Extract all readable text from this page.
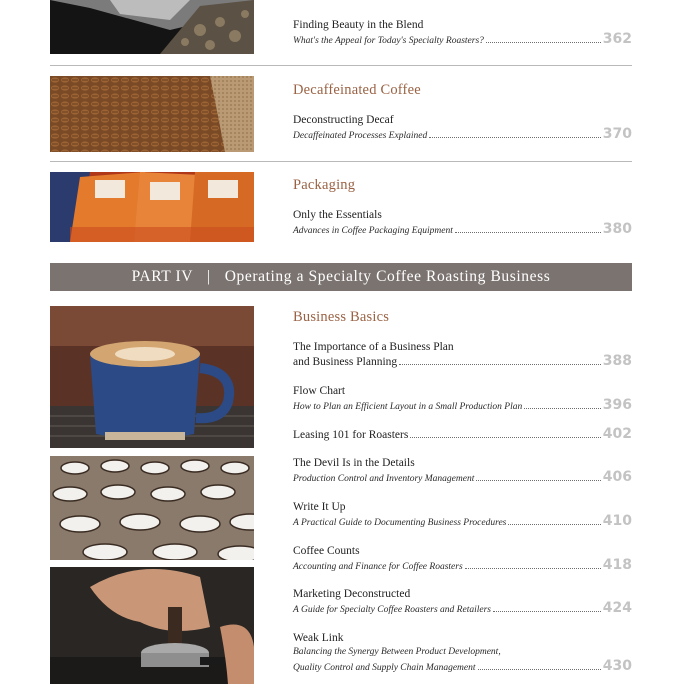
Finding Beauty in the Blend
What's the Appeal for Today's Specialty Roasters?	362
Decaffeinated Coffee
Deconstructing Decaf
Decaffeinated Processes Explained	370
Packaging
Only the Essentials
Advances in Coffee Packaging Equipment	380
PART IV | Operating a Specialty Coffee Roasting Business
Business Basics
The Importance of a Business Plan
and Business Planning	388
Flow Chart
How to Plan an Efficient Layout in a Small Production Plan	396
Leasing 101 for Roasters	402
The Devil Is in the Details
Production Control and Inventory Management	406
Write It Up
A Practical Guide to Documenting Business Procedures	410
Coffee Counts
Accounting and Finance for Coffee Roasters	418
Marketing Deconstructed
A Guide for Specialty Coffee Roasters and Retailers	424
Weak Link
Balancing the Synergy Between Product Development,
Quality Control and Supply Chain Management	430
